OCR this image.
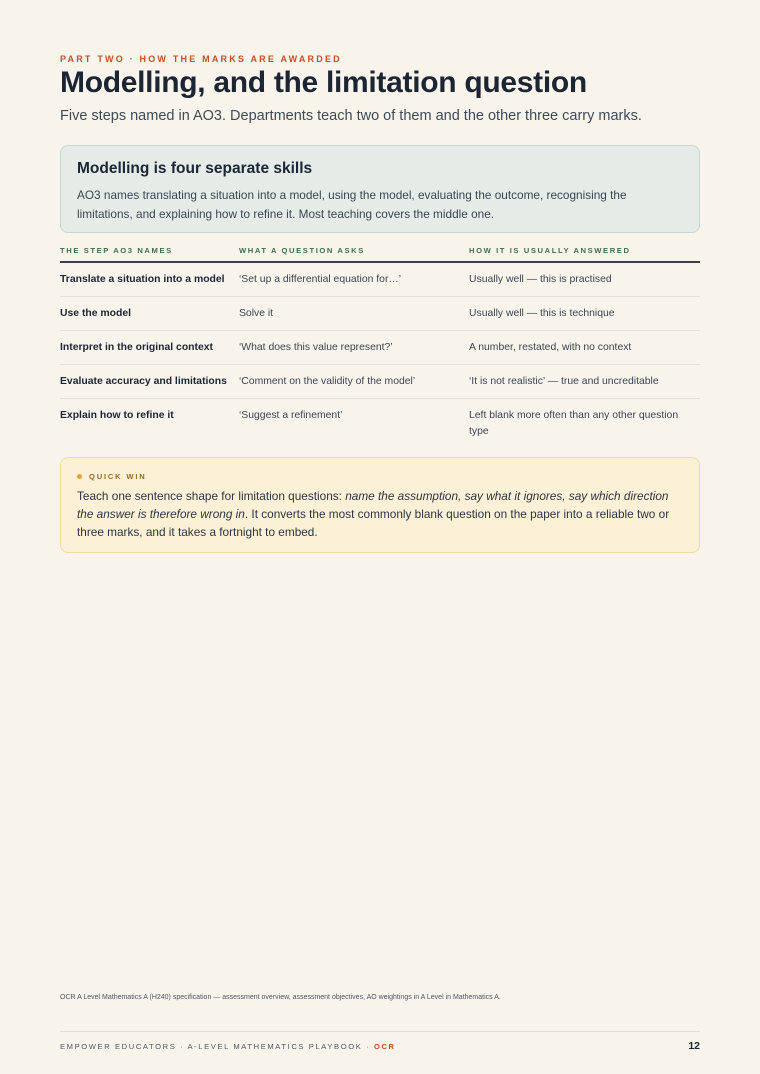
PART TWO · HOW THE MARKS ARE AWARDED
Modelling, and the limitation question
Five steps named in AO3. Departments teach two of them and the other three carry marks.
Modelling is four separate skills
AO3 names translating a situation into a model, using the model, evaluating the outcome, recognising the limitations, and explaining how to refine it. Most teaching covers the middle one.
THE STEP AO3 NAMES	WHAT A QUESTION ASKS	HOW IT IS USUALLY ANSWERED
Translate a situation into a model	‘Set up a differential equation for…’	Usually well — this is practised
Use the model	Solve it	Usually well — this is technique
Interpret in the original context	‘What does this value represent?’	A number, restated, with no context
Evaluate accuracy and limitations	‘Comment on the validity of the model’	‘It is not realistic’ — true and uncreditable
Explain how to refine it	‘Suggest a refinement’	Left blank more often than any other question type
QUICK WIN
Teach one sentence shape for limitation questions: name the assumption, say what it ignores, say which direction the answer is therefore wrong in. It converts the most commonly blank question on the paper into a reliable two or three marks, and it takes a fortnight to embed.
OCR A Level Mathematics A (H240) specification — assessment overview, assessment objectives, AO weightings in A Level in Mathematics A.
EMPOWER EDUCATORS · A-LEVEL MATHEMATICS PLAYBOOK · OCR	12
